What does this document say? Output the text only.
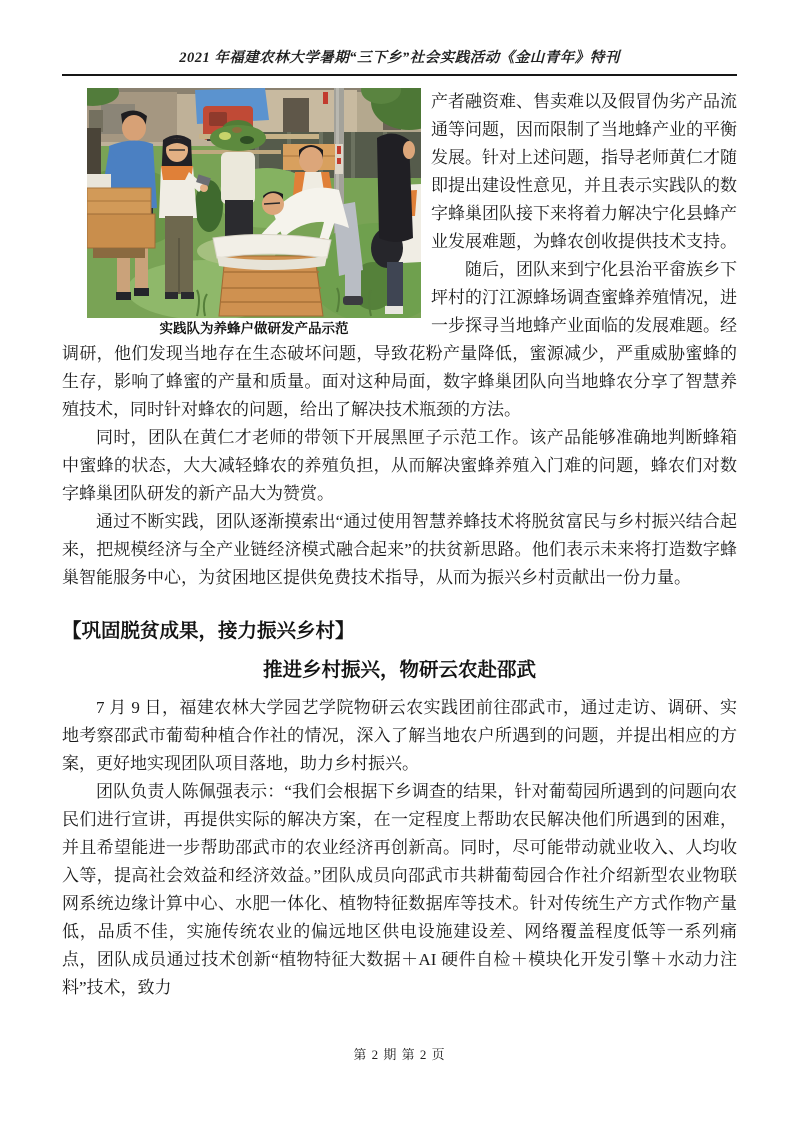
2021 年福建农林大学暑期“三下乡”社会实践活动《金山青年》特刊
实践队为养蜂户做研发产品示范

产者融资难、售卖难以及假冒伪劣产品流通等问题，因而限制了当地蜂产业的平衡发展。针对上述问题，指导老师黄仁才随即提出建设性意见，并且表示实践队的数字蜂巢团队接下来将着力解决宁化县蜂产业发展难题，为蜂农创收提供技术支持。

随后，团队来到宁化县治平畲族乡下坪村的汀江源蜂场调查蜜蜂养殖情况，进一步探寻当地蜂产业面临的发展难题。经调研，他们发现当地存在生态破坏问题，导致花粉产量降低，蜜源减少，严重威胁蜜蜂的生存，影响了蜂蜜的产量和质量。面对这种局面，数字蜂巢团队向当地蜂农分享了智慧养殖技术，同时针对蜂农的问题，给出了解决技术瓶颈的方法。

同时，团队在黄仁才老师的带领下开展黑匣子示范工作。该产品能够准确地判断蜂箱中蜜蜂的状态，大大减轻蜂农的养殖负担，从而解决蜜蜂养殖入门难的问题，蜂农们对数字蜂巢团队研发的新产品大为赞赏。

通过不断实践，团队逐渐摸索出“通过使用智慧养蜂技术将脱贫富民与乡村振兴结合起来，把规模经济与全产业链经济模式融合起来”的扶贫新思路。他们表示未来将打造数字蜂巢智能服务中心，为贫困地区提供免费技术指导，从而为振兴乡村贡献出一份力量。

【巩固脱贫成果，接力振兴乡村】
推进乡村振兴，物研云农赴邵武

7 月 9 日，福建农林大学园艺学院物研云农实践团前往邵武市，通过走访、调研、实地考察邵武市葡萄种植合作社的情况，深入了解当地农户所遇到的问题，并提出相应的方案，更好地实现团队项目落地，助力乡村振兴。

团队负责人陈佩强表示：“我们会根据下乡调查的结果，针对葡萄园所遇到的问题向农民们进行宣讲，再提供实际的解决方案，在一定程度上帮助农民解决他们所遇到的困难，并且希望能进一步帮助邵武市的农业经济再创新高。同时，尽可能带动就业收入、人均收入等，提高社会效益和经济效益。”团队成员向邵武市共耕葡萄园合作社介绍新型农业物联网系统边缘计算中心、水肥一体化、植物特征数据库等技术。针对传统生产方式作物产量低，品质不佳，实施传统农业的偏远地区供电设施建设差、网络覆盖程度低等一系列痛点，团队成员通过技术创新“植物特征大数据＋AI 硬件自检＋模块化开发引擎＋水动力注料”技术，致力

第 2 期 第 2 页
